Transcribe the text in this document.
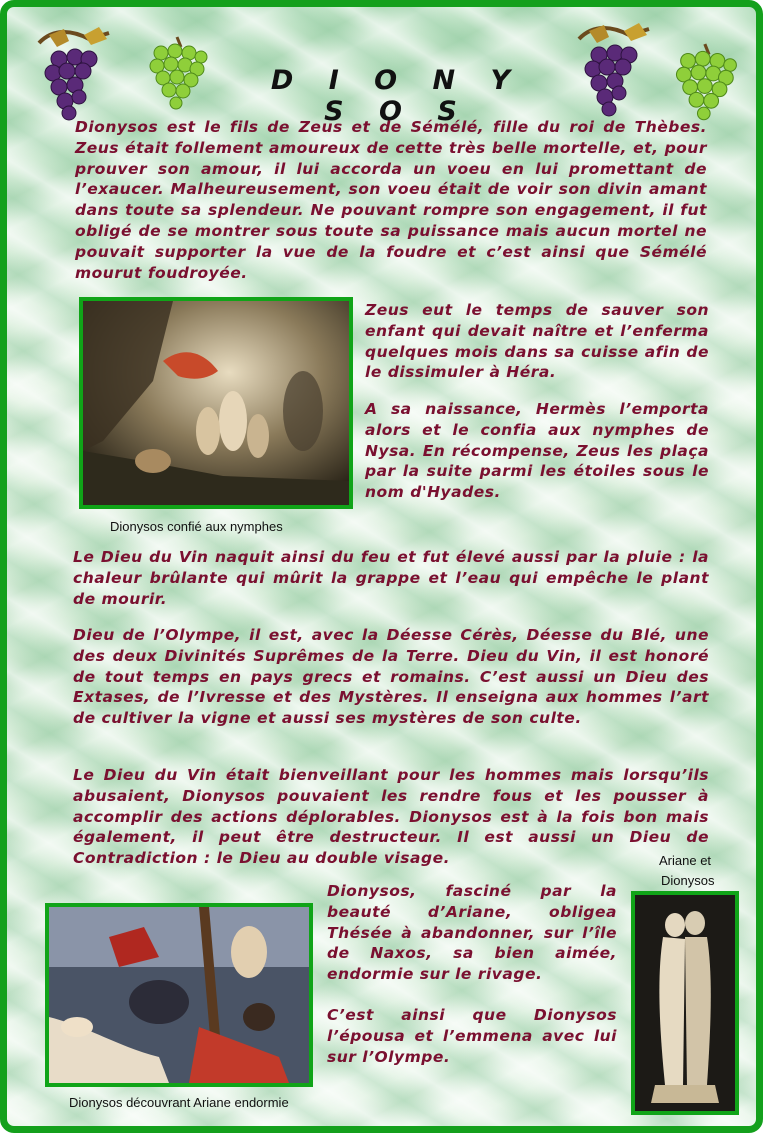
D I O N Y S O S

Dionysos est le fils de Zeus et de Sémélé, fille du roi de Thèbes. Zeus était follement amoureux de cette très belle mortelle, et, pour prouver son amour, il lui accorda un voeu en lui promettant de l’exaucer. Malheureusement, son voeu était de voir son divin amant dans toute sa splendeur. Ne pouvant rompre son engagement, il fut obligé de se montrer sous toute sa puissance mais aucun mortel ne pouvait supporter la vue de la foudre et c’est ainsi que Sémélé mourut foudroyée.

Dionysos confié aux nymphes

Zeus eut le temps de sauver son enfant qui devait naître et l’enferma quelques mois dans sa cuisse afin de le dissimuler à Héra.

A sa naissance, Hermès l’emporta alors et le confia aux nymphes de Nysa. En récompense, Zeus les plaça par la suite parmi les étoiles sous le nom d'Hyades.

Le Dieu du Vin naquit ainsi du feu et fut élevé aussi par la pluie : la chaleur brûlante qui mûrit la grappe et l’eau qui empêche le plant de mourir.

Dieu de l’Olympe, il est, avec la Déesse Cérès, Déesse du Blé, une des deux Divinités Suprêmes de la Terre. Dieu du Vin, il est honoré de tout temps en pays grecs et romains. C’est aussi un Dieu des Extases, de l’Ivresse et des Mystères. Il enseigna aux hommes l’art de cultiver la vigne et aussi ses mystères de son culte.

Le Dieu du Vin était bienveillant pour les hommes mais lorsqu’ils abusaient, Dionysos pouvaient les rendre fous et les pousser à accomplir des actions déplorables. Dionysos est à la fois bon mais également, il peut être destructeur. Il est aussi un Dieu de Contradiction : le Dieu au double visage.	Ariane et

Dionysos

Dionysos, fasciné par la beauté d’Ariane, obligea Thésée à abandonner, sur l’île de Naxos, sa bien aimée, endormie sur le rivage.

C’est ainsi que Dionysos l’épousa et l’emmena avec lui sur l’Olympe.

Dionysos découvrant Ariane endormie
